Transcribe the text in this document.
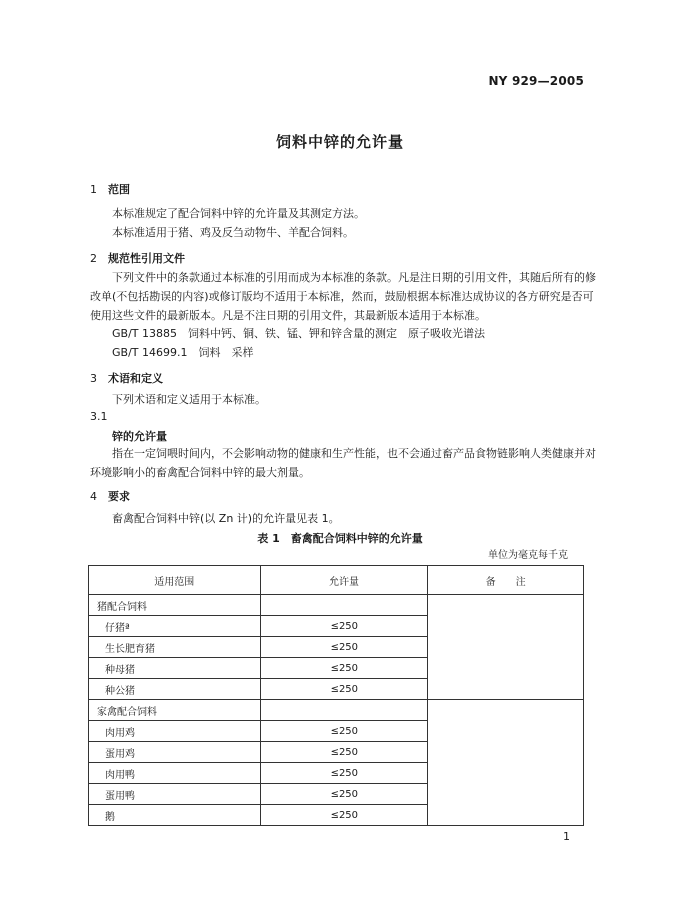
NY 929—2005
饲料中锌的允许量
1 范围
本标准规定了配合饲料中锌的允许量及其测定方法。
本标准适用于猪、鸡及反刍动物牛、羊配合饲料。
2 规范性引用文件
下列文件中的条款通过本标准的引用而成为本标准的条款。凡是注日期的引用文件，其随后所有的修改单(不包括勘误的内容)或修订版均不适用于本标准，然而，鼓励根据本标准达成协议的各方研究是否可使用这些文件的最新版本。凡是不注日期的引用文件，其最新版本适用于本标准。
GB/T 13885　饲料中钙、铜、铁、锰、钾和锌含量的测定　原子吸收光谱法
GB/T 14699.1　饲料　采样
3 术语和定义
下列术语和定义适用于本标准。
3.1
锌的允许量
指在一定饲喂时间内，不会影响动物的健康和生产性能，也不会通过畜产品食物链影响人类健康并对环境影响小的畜禽配合饲料中锌的最大剂量。
4 要求
畜禽配合饲料中锌(以 Zn 计)的允许量见表 1。
表 1　畜禽配合饲料中锌的允许量
单位为毫克每千克
适用范围	允许量	备　　注
猪配合饲料		
仔猪ª	≤250	
生长肥育猪	≤250	
种母猪	≤250	
种公猪	≤250	
家禽配合饲料		
肉用鸡	≤250	
蛋用鸡	≤250	
肉用鸭	≤250	
蛋用鸭	≤250	
鹅	≤250	
1
